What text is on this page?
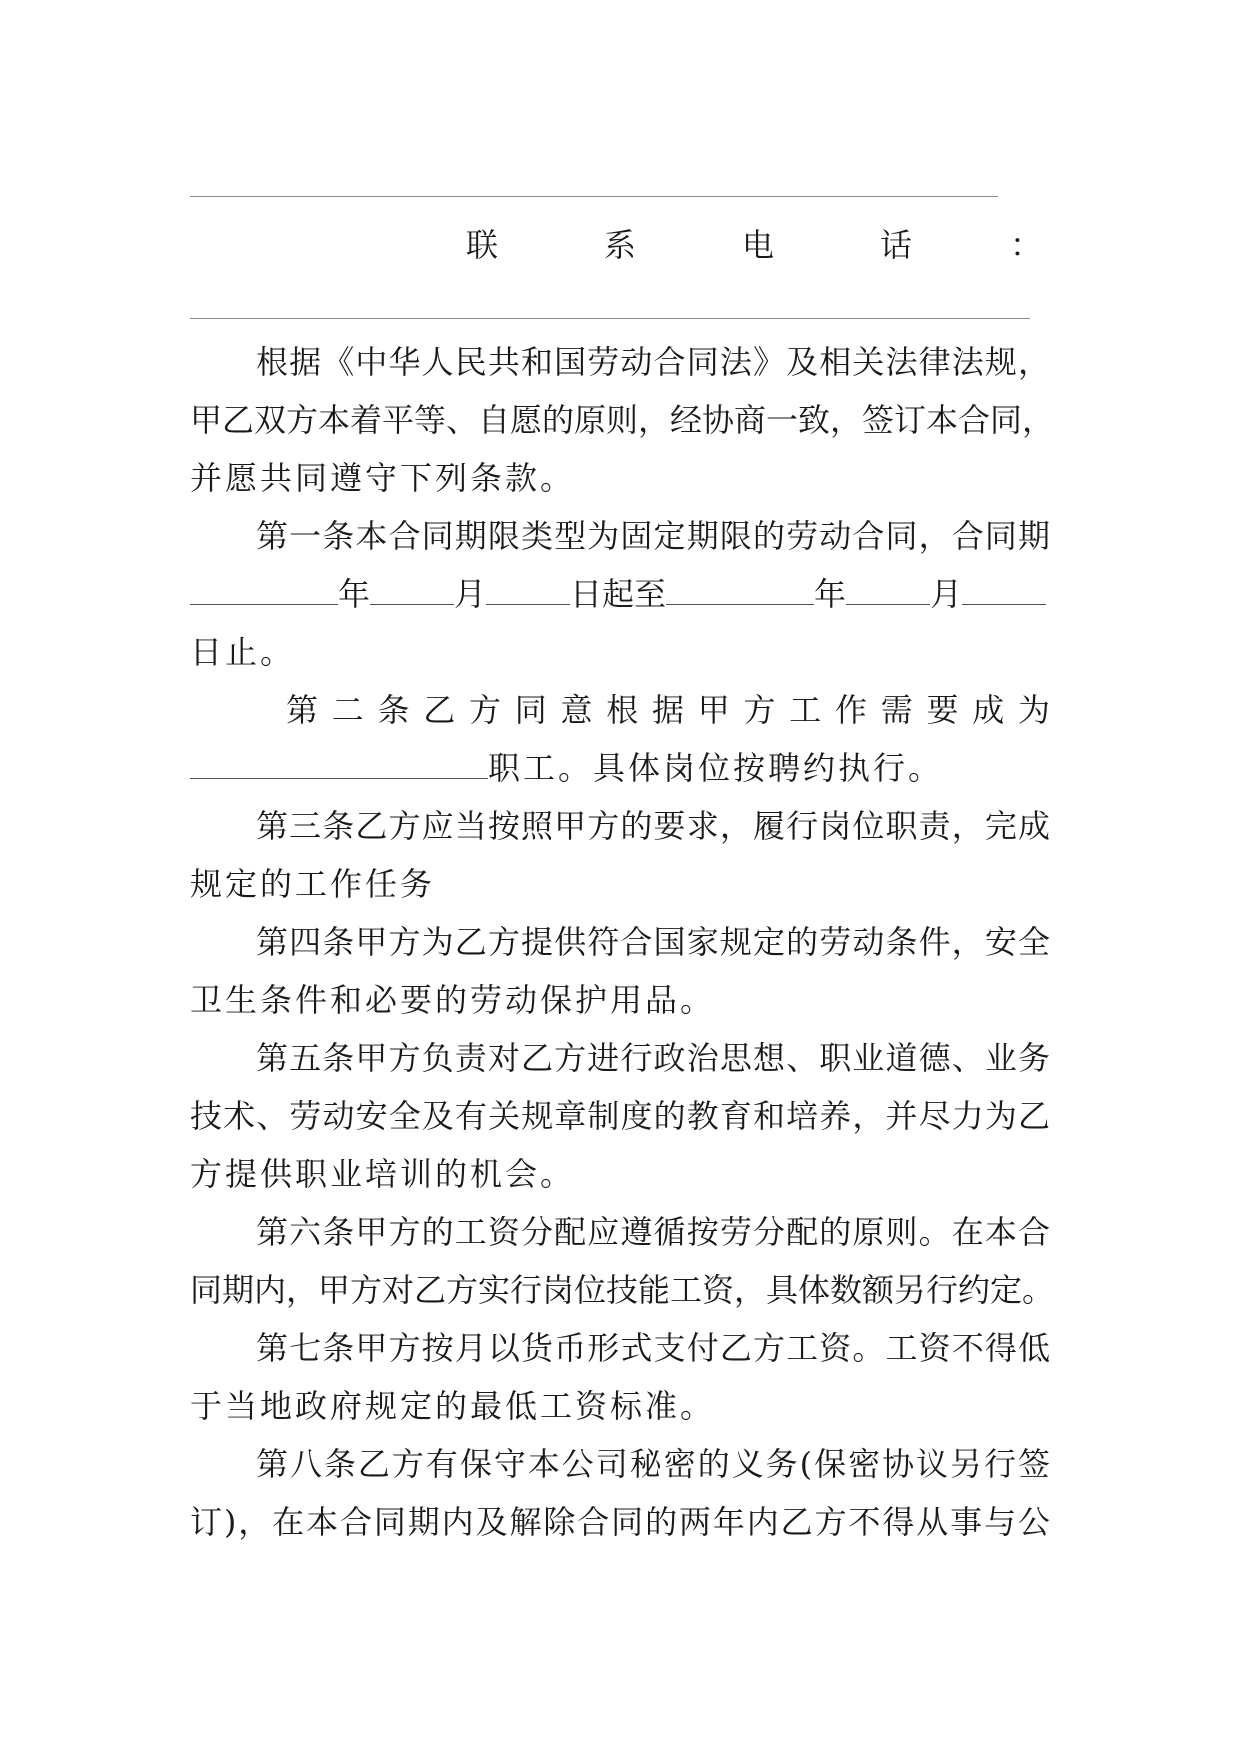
联	系	电	话	：
根据《中华人民共和国劳动合同法》及相关法律法规，
甲乙双方本着平等、自愿的原则，经协商一致，签订本合同，
并愿共同遵守下列条款。
第一条本合同期限类型为固定期限的劳动合同，合同期
年	月	日起至	年	月
日止。
第二条乙方同意根据甲方工作需要成为
职工。具体岗位按聘约执行。
第三条乙方应当按照甲方的要求，履行岗位职责，完成
规定的工作任务
第四条甲方为乙方提供符合国家规定的劳动条件，安全
卫生条件和必要的劳动保护用品。
第五条甲方负责对乙方进行政治思想、职业道德、业务
技术、劳动安全及有关规章制度的教育和培养，并尽力为乙
方提供职业培训的机会。
第六条甲方的工资分配应遵循按劳分配的原则。在本合
同期内，甲方对乙方实行岗位技能工资，具体数额另行约定。
第七条甲方按月以货币形式支付乙方工资。工资不得低
于当地政府规定的最低工资标准。
第八条乙方有保守本公司秘密的义务(保密协议另行签
订)，在本合同期内及解除合同的两年内乙方不得从事与公
